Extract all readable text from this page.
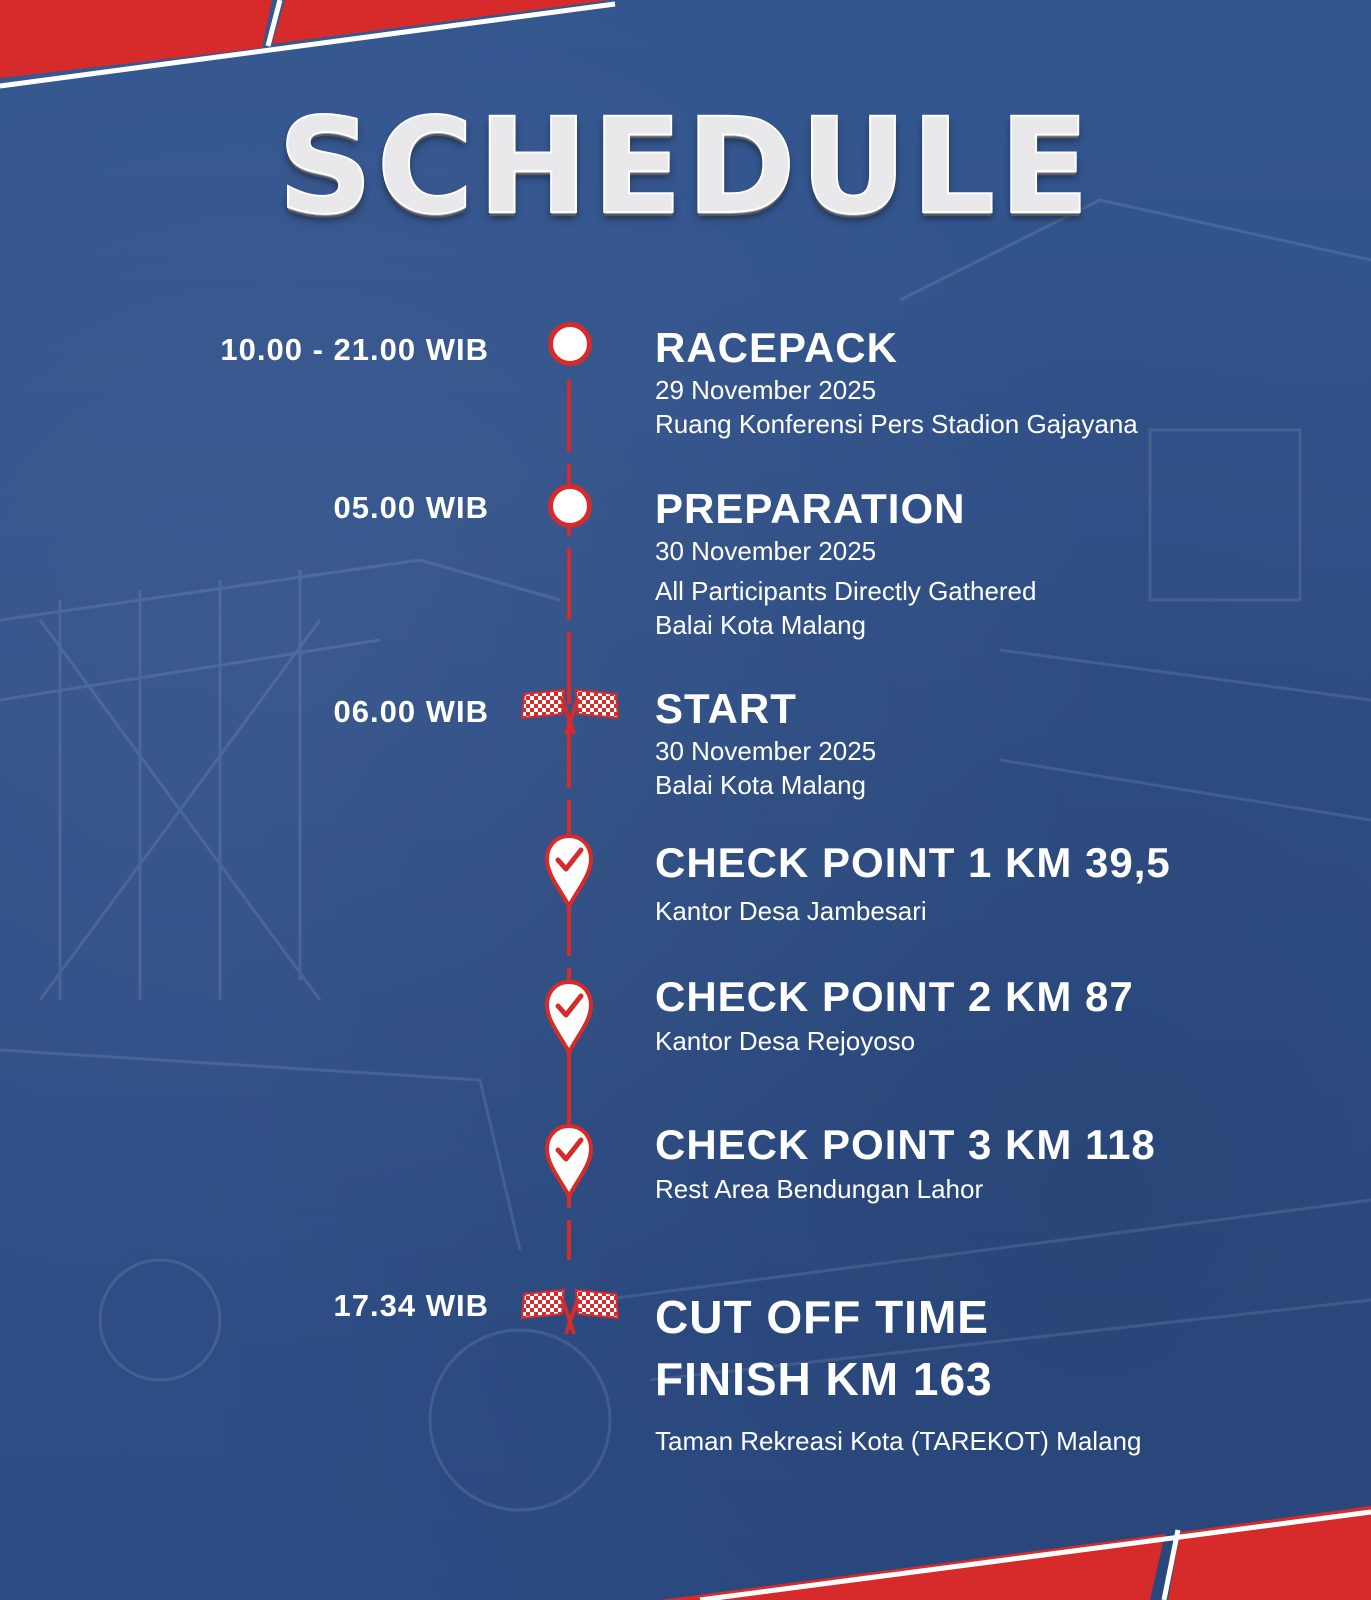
SCHEDULE
10.00 - 21.00 WIB	RACEPACK

29 November 2025

Ruang Konferensi Pers Stadion Gajayana

05.00 WIB	PREPARATION

30 November 2025

All Participants Directly Gathered

Balai Kota Malang

06.00 WIB	START

30 November 2025

Balai Kota Malang

CHECK POINT 1 KM 39,5

Kantor Desa Jambesari

CHECK POINT 2 KM 87

Kantor Desa Rejoyoso

CHECK POINT 3 KM 118

Rest Area Bendungan Lahor

17.34 WIB	CUT OFF TIME

FINISH KM 163

Taman Rekreasi Kota (TAREKOT) Malang
